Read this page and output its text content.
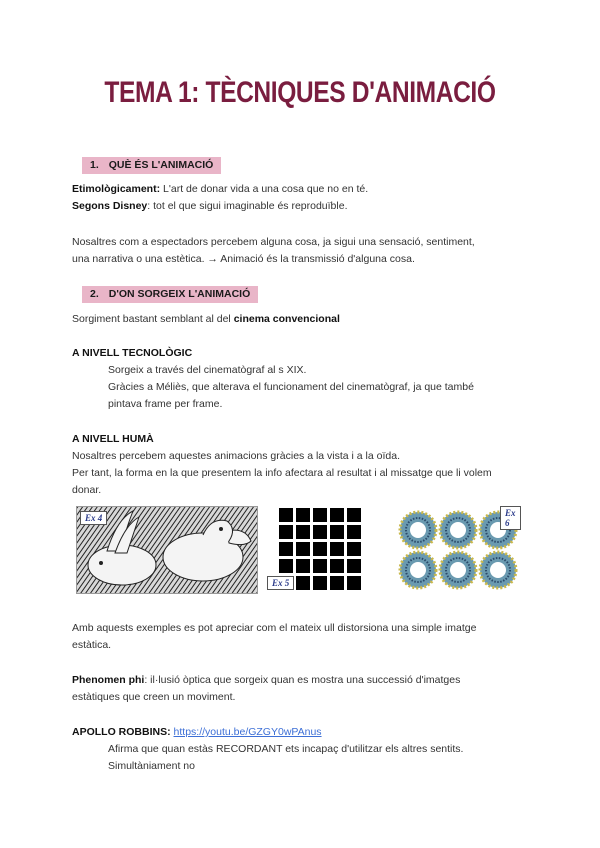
TEMA 1: TÈCNIQUES D'ANIMACIÓ
1. QUÈ ÉS L'ANIMACIÓ
Etimològicament: L'art de donar vida a una cosa que no en té.
Segons Disney: tot el que sigui imaginable és reproduïble.
Nosaltres com a espectadors percebem alguna cosa, ja sigui una sensació, sentiment,
una narrativa o una estètica. → Animació és la transmissió d'alguna cosa.
2. D'ON SORGEIX L'ANIMACIÓ
Sorgiment bastant semblant al del cinema convencional
A NIVELL TECNOLÒGIC
Sorgeix a través del cinematògraf al s XIX.
Gràcies a Méliès, que alterava el funcionament del cinematògraf, ja que també
pintava frame per frame.
A NIVELL HUMÀ
Nosaltres percebem aquestes animacions gràcies a la vista i a la oïda.
Per tant, la forma en la que presentem la info afectara al resultat i al missatge que li volem
donar.
Ex 4
Ex 5
Ex 6
Amb aquests exemples es pot apreciar com el mateix ull distorsiona una simple imatge
estàtica.
Phenomen phi: il·lusió òptica que sorgeix quan es mostra una successió d'imatges
estàtiques que creen un moviment.
APOLLO ROBBINS: https://youtu.be/GZGY0wPAnus
Afirma que quan estàs RECORDANT ets incapaç d'utilitzar els altres sentits.
Simultàniament no
